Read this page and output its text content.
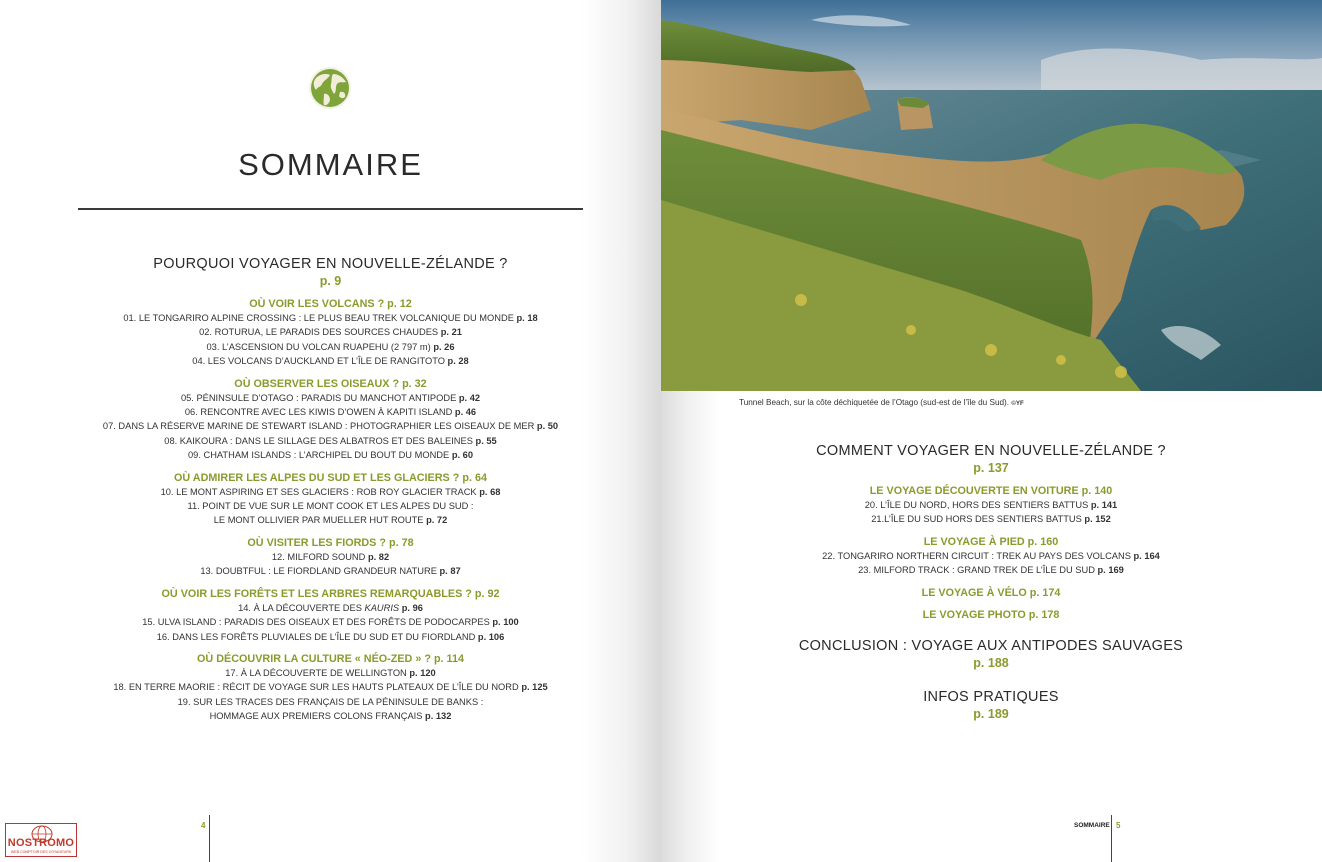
SOMMAIRE
POURQUOI VOYAGER EN NOUVELLE-ZÉLANDE ?
p. 9
OÙ VOIR LES VOLCANS ? p. 12
01. LE TONGARIRO ALPINE CROSSING : LE PLUS BEAU TREK VOLCANIQUE DU MONDE p. 18
02. ROTURUA, LE PARADIS DES SOURCES CHAUDES p. 21
03. L’ASCENSION DU VOLCAN RUAPEHU (2 797 m) p. 26
04. LES VOLCANS D’AUCKLAND ET L’ÎLE DE RANGITOTO p. 28
OÙ OBSERVER LES OISEAUX ? p. 32
05. PÉNINSULE D’OTAGO : PARADIS DU MANCHOT ANTIPODE p. 42
06. RENCONTRE AVEC LES KIWIS D’OWEN À KAPITI ISLAND p. 46
07. DANS LA RÉSERVE MARINE DE STEWART ISLAND : PHOTOGRAPHIER LES OISEAUX DE MER p. 50
08. KAIKOURA : DANS LE SILLAGE DES ALBATROS ET DES BALEINES p. 55
09. CHATHAM ISLANDS : L’ARCHIPEL DU BOUT DU MONDE p. 60
OÙ ADMIRER LES ALPES DU SUD ET LES GLACIERS ? p. 64
10. LE MONT ASPIRING ET SES GLACIERS : ROB ROY GLACIER TRACK p. 68
11. POINT DE VUE SUR LE MONT COOK ET LES ALPES DU SUD :
LE MONT OLLIVIER PAR MUELLER HUT ROUTE p. 72
OÙ VISITER LES FIORDS ? p. 78
12. MILFORD SOUND p. 82
13. DOUBTFUL : LE FIORDLAND GRANDEUR NATURE p. 87
OÙ VOIR LES FORÊTS ET LES ARBRES REMARQUABLES ? p. 92
14. À LA DÉCOUVERTE DES KAURIS p. 96
15. ULVA ISLAND : PARADIS DES OISEAUX ET DES FORÊTS DE PODOCARPES p. 100
16. DANS LES FORÊTS PLUVIALES DE L’ÎLE DU SUD ET DU FIORDLAND p. 106
OÙ DÉCOUVRIR LA CULTURE « NÉO-ZED » ? p. 114
17. À LA DÉCOUVERTE DE WELLINGTON p. 120
18. EN TERRE MAORIE : RÉCIT DE VOYAGE SUR LES HAUTS PLATEAUX DE L’ÎLE DU NORD p. 125
19. SUR LES TRACES DES FRANÇAIS DE LA PÉNINSULE DE BANKS :
HOMMAGE AUX PREMIERS COLONS FRANÇAIS p. 132
4
NOSTROMO
WEB COMPTOIR DES VOYAGEURS
Tunnel Beach, sur la côte déchiquetée de l’Otago (sud-est de l’île du Sud). ©YF
COMMENT VOYAGER EN NOUVELLE-ZÉLANDE ?
p. 137
LE VOYAGE DÉCOUVERTE EN VOITURE p. 140
20. L’ÎLE DU NORD, HORS DES SENTIERS BATTUS p. 141
21.L’ÎLE DU SUD HORS DES SENTIERS BATTUS p. 152
LE VOYAGE À PIED p. 160
22. TONGARIRO NORTHERN CIRCUIT : TREK AU PAYS DES VOLCANS p. 164
23. MILFORD TRACK : GRAND TREK DE L’ÎLE DU SUD p. 169
LE VOYAGE À VÉLO p. 174
LE VOYAGE PHOTO p. 178
CONCLUSION : VOYAGE AUX ANTIPODES SAUVAGES
p. 188
INFOS PRATIQUES
p. 189
SOMMAIRE 5
